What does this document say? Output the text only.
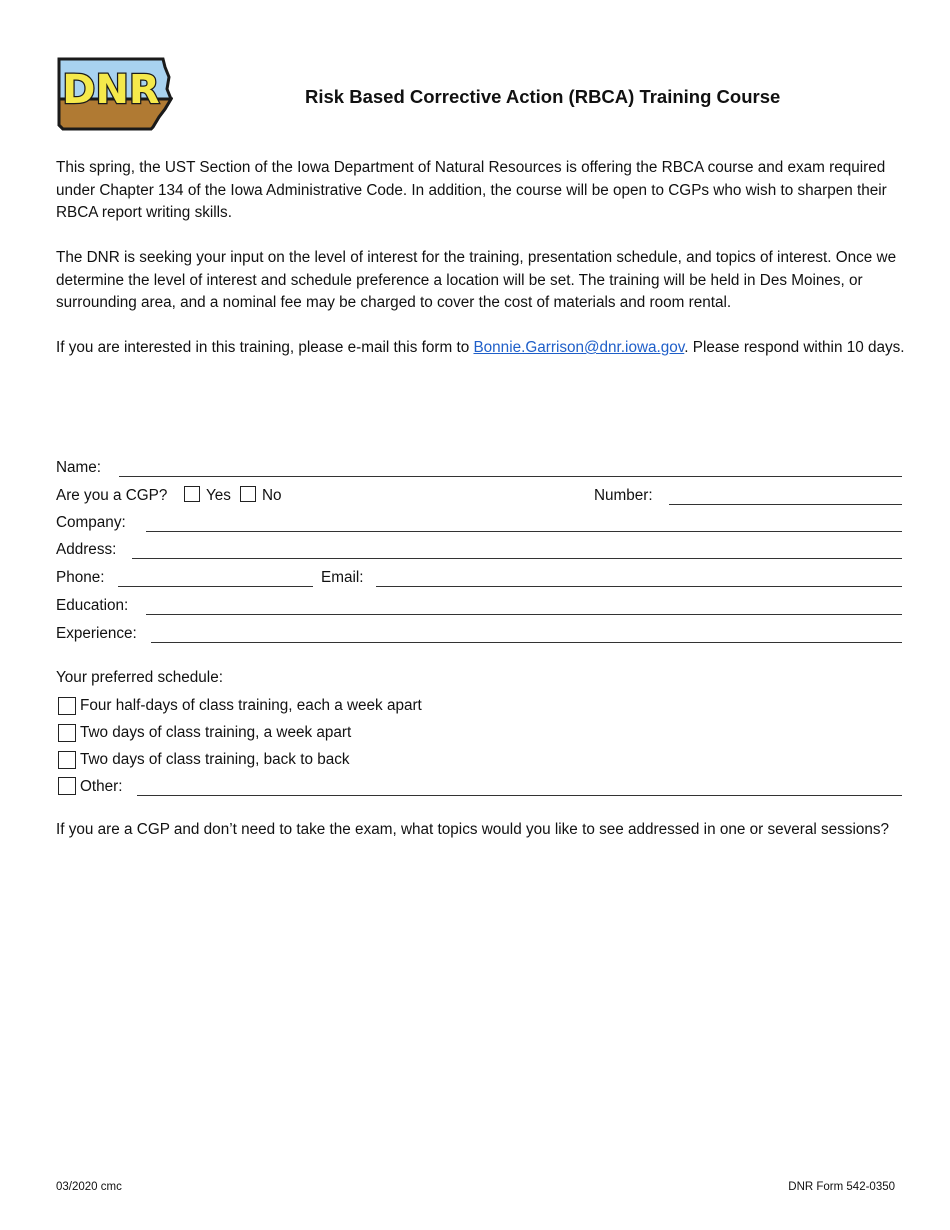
DNR	Risk Based Corrective Action (RBCA) Training Course

This spring, the UST Section of the Iowa Department of Natural Resources is offering the RBCA course and exam required under Chapter 134 of the Iowa Administrative Code. In addition, the course will be open to CGPs who wish to sharpen their RBCA report writing skills.

The DNR is seeking your input on the level of interest for the training, presentation schedule, and topics of interest. Once we determine the level of interest and schedule preference a location will be set. The training will be held in Des Moines, or surrounding area, and a nominal fee may be charged to cover the cost of materials and room rental.

If you are interested in this training, please e-mail this form to Bonnie.Garrison@dnr.iowa.gov. Please respond within 10 days.

Name:
Are you a CGP?	Yes No	Number:
Company:
Address:
Phone:	Email:
Education:
Experience:
Your preferred schedule:
Four half-days of class training, each a week apart
Two days of class training, a week apart
Two days of class training, back to back
Other:

If you are a CGP and don’t need to take the exam, what topics would you like to see addressed in one or several sessions?

03/2020 cmc	DNR Form 542-0350
